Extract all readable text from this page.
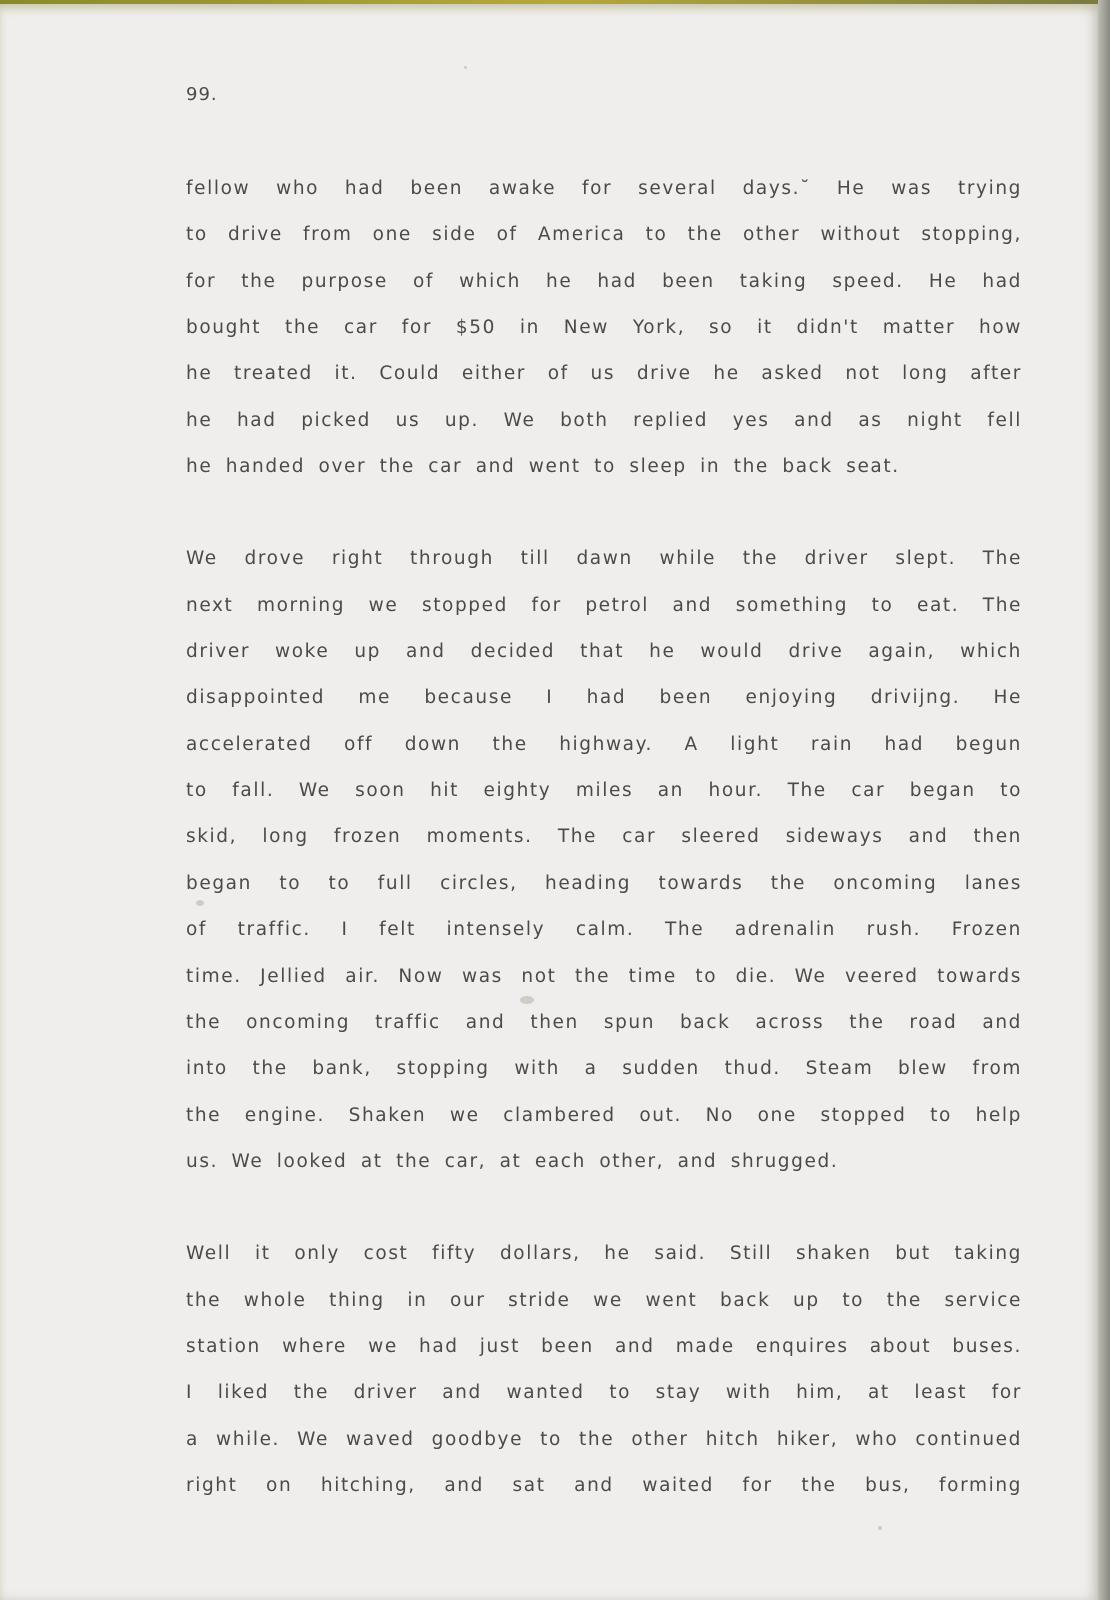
99.
fellow who had been awake for several days.˘ He was trying
to drive from one side of America to the other without stopping,
for the purpose of which he had been taking speed. He had
bought the car for $50 in New York, so it didn't matter how
he treated it. Could either of us drive he asked not long after
he had picked us up. We both replied yes and as night fell
he handed over the car and went to sleep in the back seat.
We drove right through till dawn while the driver slept. The
next morning we stopped for petrol and something to eat. The
driver woke up and decided that he would drive again, which
disappointed me because I had been enjoying drivijng. He
accelerated off down the highway. A light rain had begun
to fall. We soon hit eighty miles an hour. The car began to
skid, long frozen moments. The car sleered sideways and then
began to to full circles, heading towards the oncoming lanes
of traffic. I felt intensely calm. The adrenalin rush. Frozen
time. Jellied air. Now was not the time to die. We veered towards
the oncoming traffic and then spun back across the road and
into the bank, stopping with a sudden thud. Steam blew from
the engine. Shaken we clambered out. No one stopped to help
us. We looked at the car, at each other, and shrugged.
Well it only cost fifty dollars, he said. Still shaken but taking
the whole thing in our stride we went back up to the service
station where we had just been and made enquires about buses.
I liked the driver and wanted to stay with him, at least for
a while. We waved goodbye to the other hitch hiker, who continued
right on hitching, and sat and waited for the bus, forming
